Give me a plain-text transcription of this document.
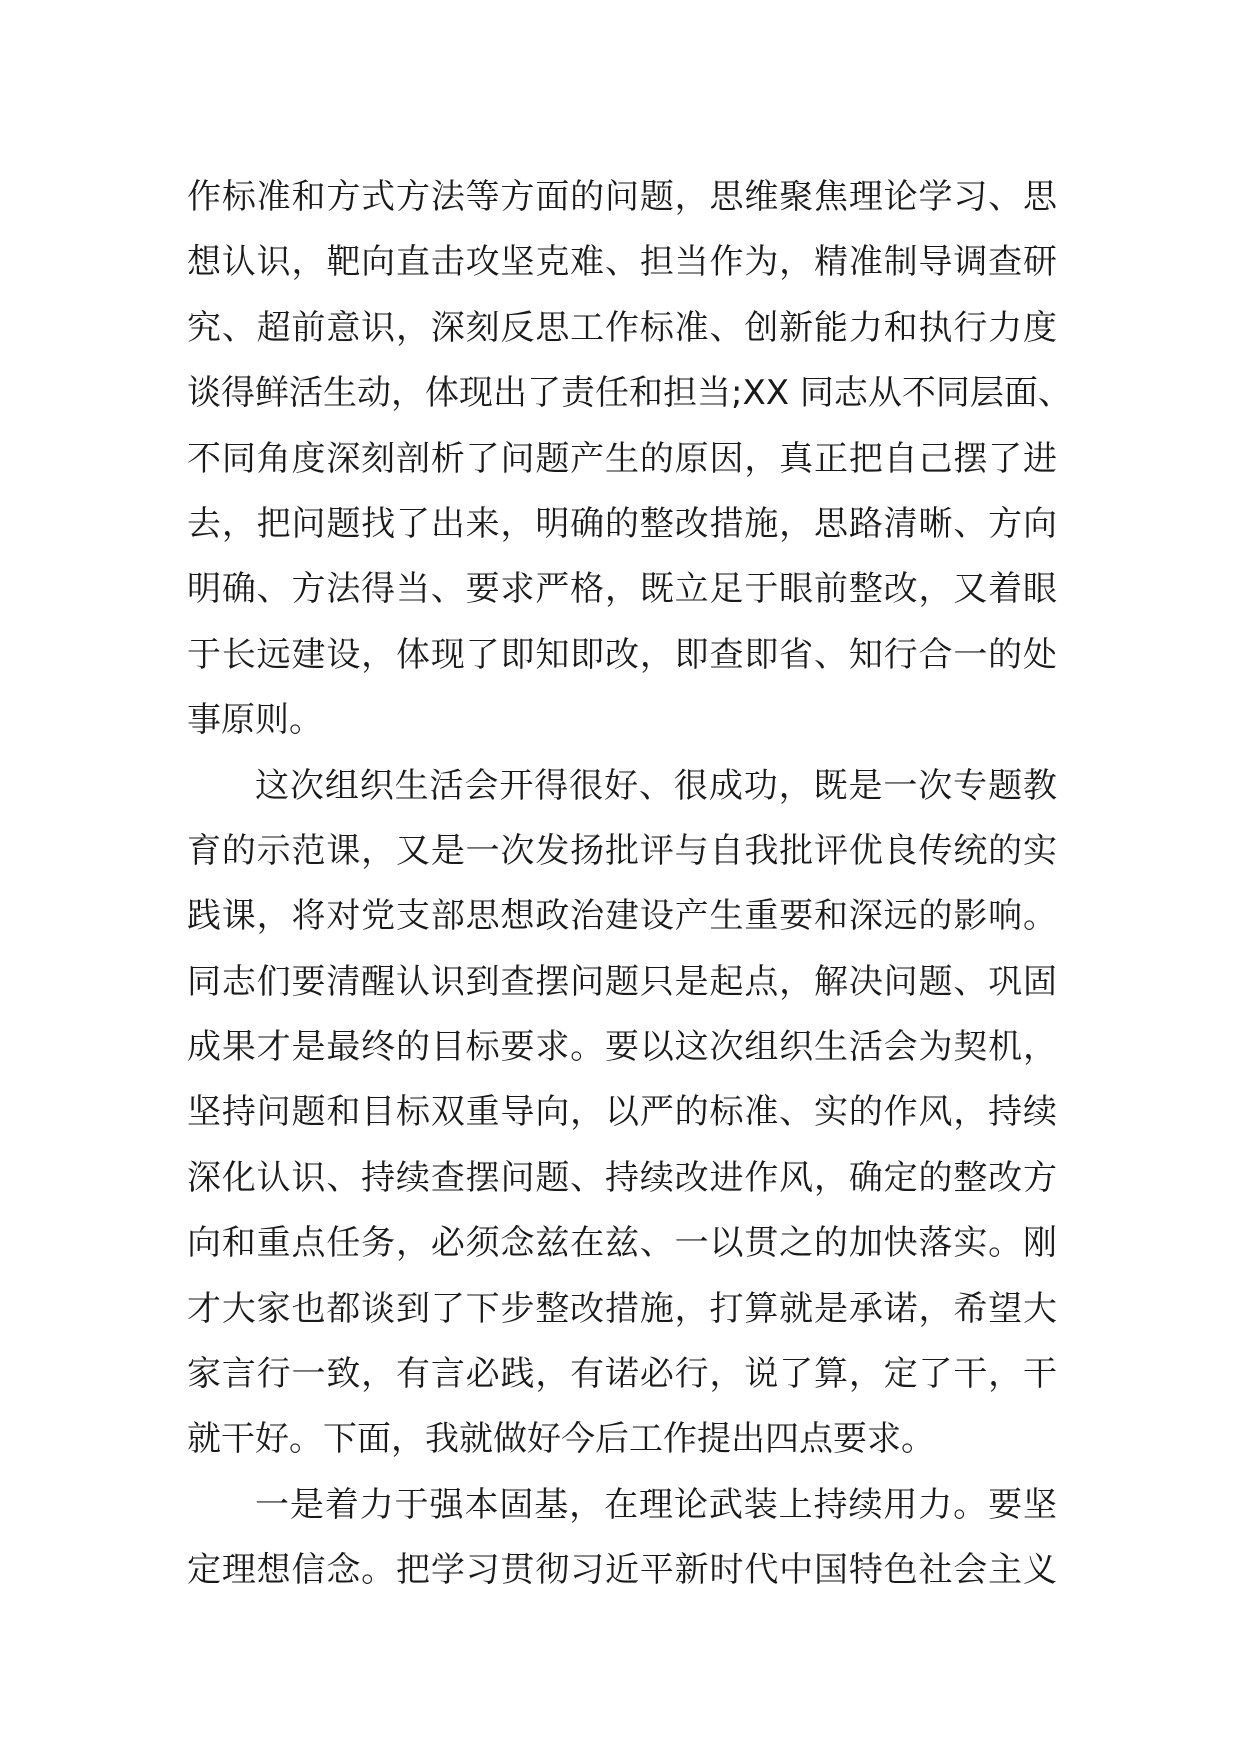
作标准和方式方法等方面的问题，思维聚焦理论学习、思
想认识，靶向直击攻坚克难、担当作为，精准制导调查研
究、超前意识，深刻反思工作标准、创新能力和执行力度
谈得鲜活生动，体现出了责任和担当;XX 同志从不同层面、
不同角度深刻剖析了问题产生的原因，真正把自己摆了进
去，把问题找了出来，明确的整改措施，思路清晰、方向
明确、方法得当、要求严格，既立足于眼前整改，又着眼
于长远建设，体现了即知即改，即查即省、知行合一的处
事原则。
这次组织生活会开得很好、很成功，既是一次专题教
育的示范课，又是一次发扬批评与自我批评优良传统的实
践课，将对党支部思想政治建设产生重要和深远的影响。
同志们要清醒认识到查摆问题只是起点，解决问题、巩固
成果才是最终的目标要求。要以这次组织生活会为契机，
坚持问题和目标双重导向，以严的标准、实的作风，持续
深化认识、持续查摆问题、持续改进作风，确定的整改方
向和重点任务，必须念兹在兹、一以贯之的加快落实。刚
才大家也都谈到了下步整改措施，打算就是承诺，希望大
家言行一致，有言必践，有诺必行，说了算，定了干，干
就干好。下面，我就做好今后工作提出四点要求。
一是着力于强本固基，在理论武装上持续用力。要坚
定理想信念。把学习贯彻习近平新时代中国特色社会主义
